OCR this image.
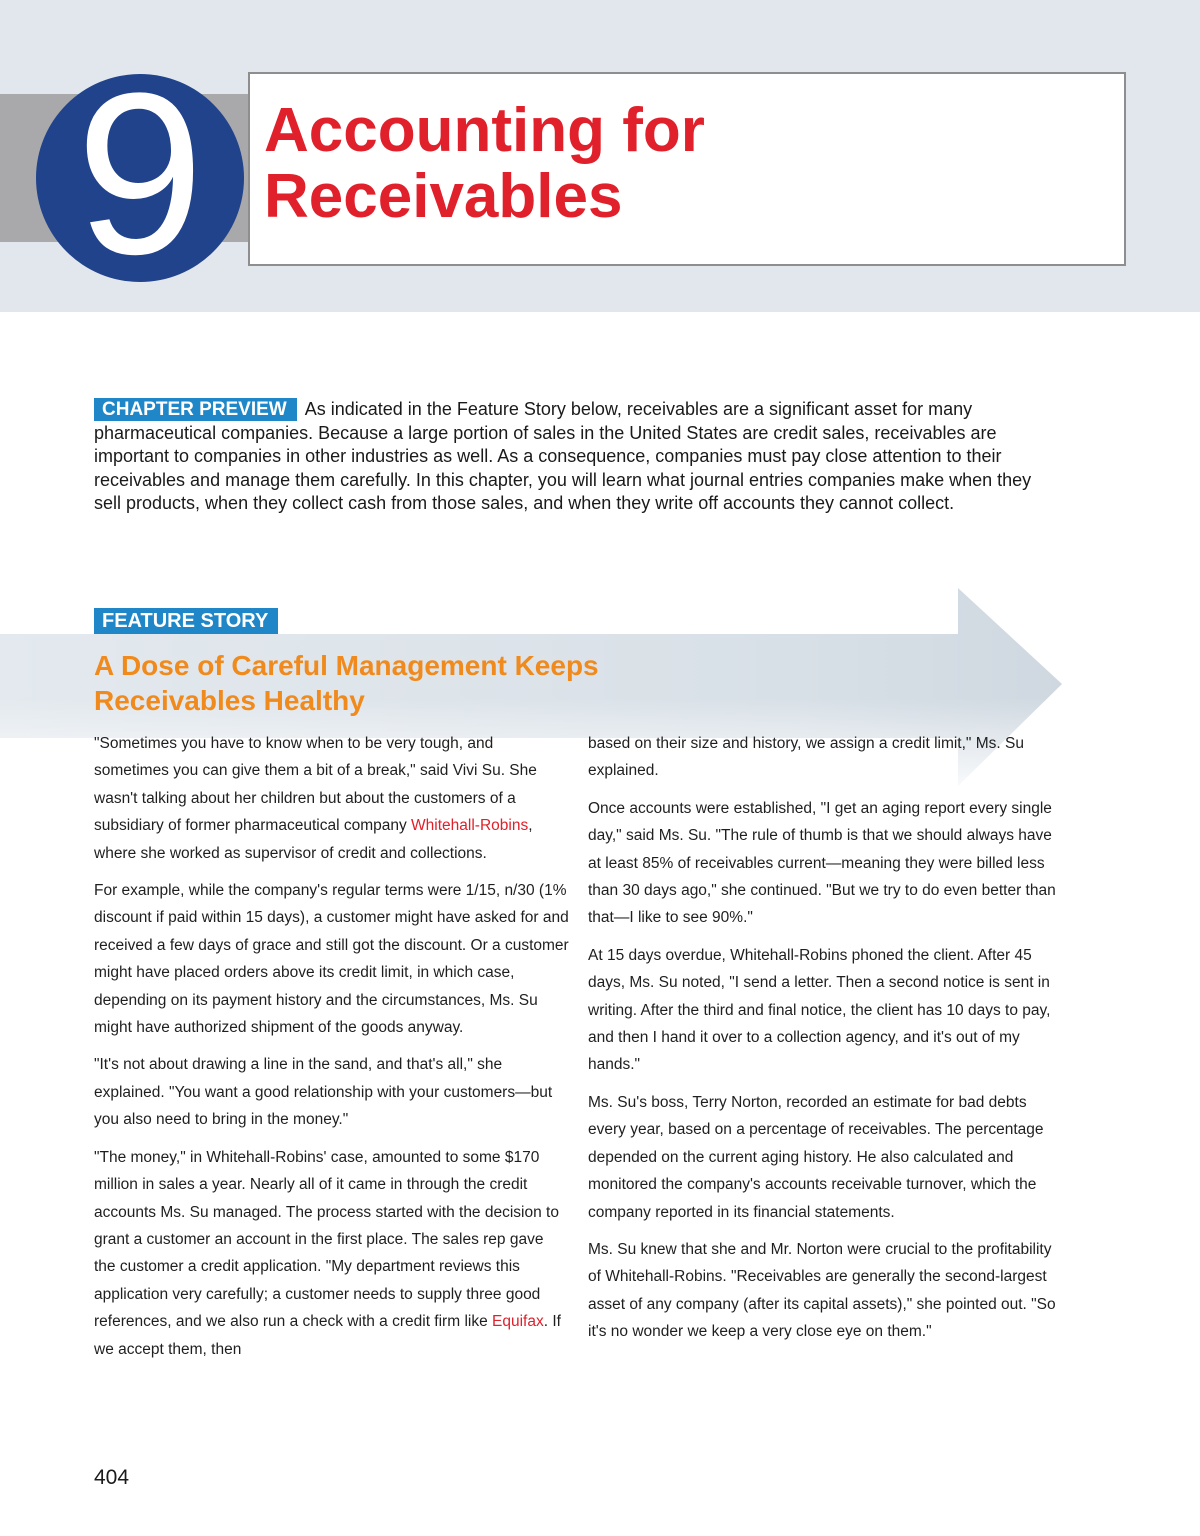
9 Accounting for
Receivables
CHAPTER PREVIEW As indicated in the Feature Story below, receivables are a significant asset for many pharmaceutical companies. Because a large portion of sales in the United States are credit sales, receivables are important to companies in other industries as well. As a consequence, companies must pay close attention to their receivables and manage them carefully. In this chapter, you will learn what journal entries companies make when they sell products, when they collect cash from those sales, and when they write off accounts they cannot collect.
FEATURE STORY
A Dose of Careful Management Keeps
Receivables Healthy

"Sometimes you have to know when to be very tough, and sometimes you can give them a bit of a break," said Vivi Su. She wasn't talking about her children but about the customers of a subsidiary of former pharmaceutical company Whitehall-Robins, where she worked as supervisor of credit and collections.

For example, while the company's regular terms were 1/15, n/30 (1% discount if paid within 15 days), a customer might have asked for and received a few days of grace and still got the discount. Or a customer might have placed orders above its credit limit, in which case, depending on its payment history and the circumstances, Ms. Su might have authorized shipment of the goods anyway.

"It's not about drawing a line in the sand, and that's all," she explained. "You want a good relationship with your customers—but you also need to bring in the money."

"The money," in Whitehall-Robins' case, amounted to some $170 million in sales a year. Nearly all of it came in through the credit accounts Ms. Su managed. The process started with the decision to grant a customer an account in the first place. The sales rep gave the customer a credit application. "My department reviews this application very carefully; a customer needs to supply three good references, and we also run a check with a credit firm like Equifax. If we accept them, then

based on their size and history, we assign a credit limit," Ms. Su explained.

Once accounts were established, "I get an aging report every single day," said Ms. Su. "The rule of thumb is that we should always have at least 85% of receivables current—meaning they were billed less than 30 days ago," she continued. "But we try to do even better than that—I like to see 90%."

At 15 days overdue, Whitehall-Robins phoned the client. After 45 days, Ms. Su noted, "I send a letter. Then a second notice is sent in writing. After the third and final notice, the client has 10 days to pay, and then I hand it over to a collection agency, and it's out of my hands."

Ms. Su's boss, Terry Norton, recorded an estimate for bad debts every year, based on a percentage of receivables. The percentage depended on the current aging history. He also calculated and monitored the company's accounts receivable turnover, which the company reported in its financial statements.

Ms. Su knew that she and Mr. Norton were crucial to the profitability of Whitehall-Robins. "Receivables are generally the second-largest asset of any company (after its capital assets)," she pointed out. "So it's no wonder we keep a very close eye on them."

404
